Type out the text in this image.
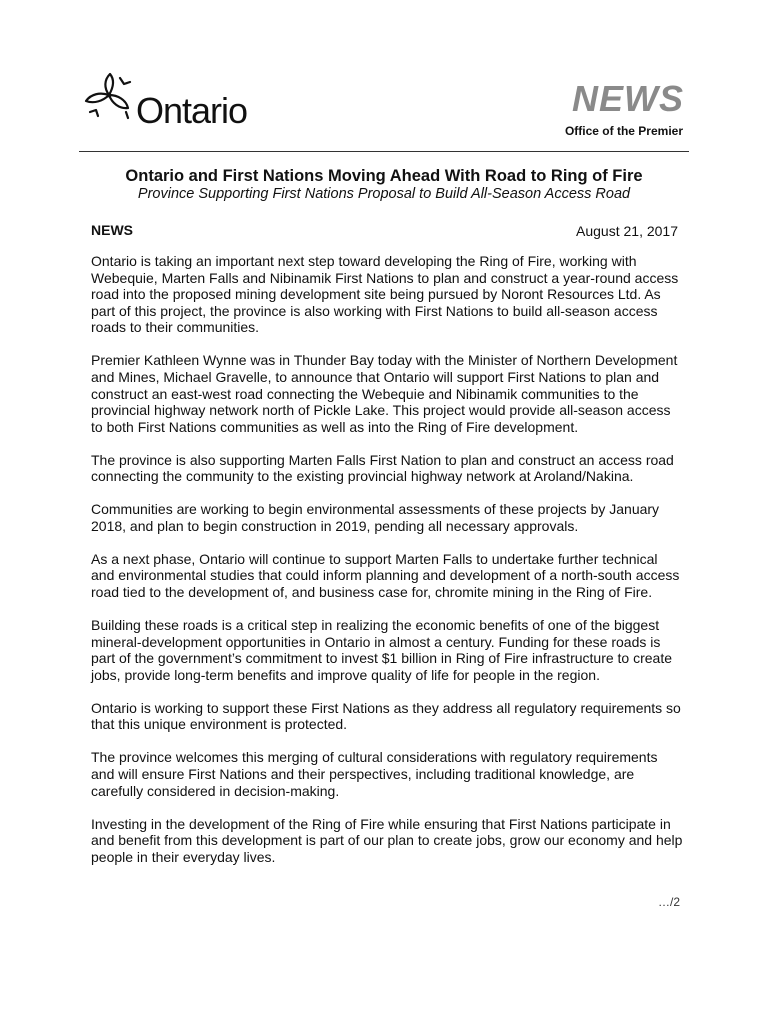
Ontario	NEWS
Office of the Premier
Ontario and First Nations Moving Ahead With Road to Ring of Fire
Province Supporting First Nations Proposal to Build All-Season Access Road
NEWS	August 21, 2017

Ontario is taking an important next step toward developing the Ring of Fire, working with Webequie, Marten Falls and Nibinamik First Nations to plan and construct a year-round access road into the proposed mining development site being pursued by Noront Resources Ltd. As part of this project, the province is also working with First Nations to build all-season access roads to their communities.

Premier Kathleen Wynne was in Thunder Bay today with the Minister of Northern Development and Mines, Michael Gravelle, to announce that Ontario will support First Nations to plan and construct an east-west road connecting the Webequie and Nibinamik communities to the provincial highway network north of Pickle Lake. This project would provide all-season access to both First Nations communities as well as into the Ring of Fire development.

The province is also supporting Marten Falls First Nation to plan and construct an access road connecting the community to the existing provincial highway network at Aroland/Nakina.

Communities are working to begin environmental assessments of these projects by January 2018, and plan to begin construction in 2019, pending all necessary approvals.

As a next phase, Ontario will continue to support Marten Falls to undertake further technical and environmental studies that could inform planning and development of a north-south access road tied to the development of, and business case for, chromite mining in the Ring of Fire.

Building these roads is a critical step in realizing the economic benefits of one of the biggest mineral-development opportunities in Ontario in almost a century. Funding for these roads is part of the government’s commitment to invest $1 billion in Ring of Fire infrastructure to create jobs, provide long-term benefits and improve quality of life for people in the region.

Ontario is working to support these First Nations as they address all regulatory requirements so that this unique environment is protected.

The province welcomes this merging of cultural considerations with regulatory requirements and will ensure First Nations and their perspectives, including traditional knowledge, are carefully considered in decision-making.

Investing in the development of the Ring of Fire while ensuring that First Nations participate in and benefit from this development is part of our plan to create jobs, grow our economy and help people in their everyday lives.

…/2
